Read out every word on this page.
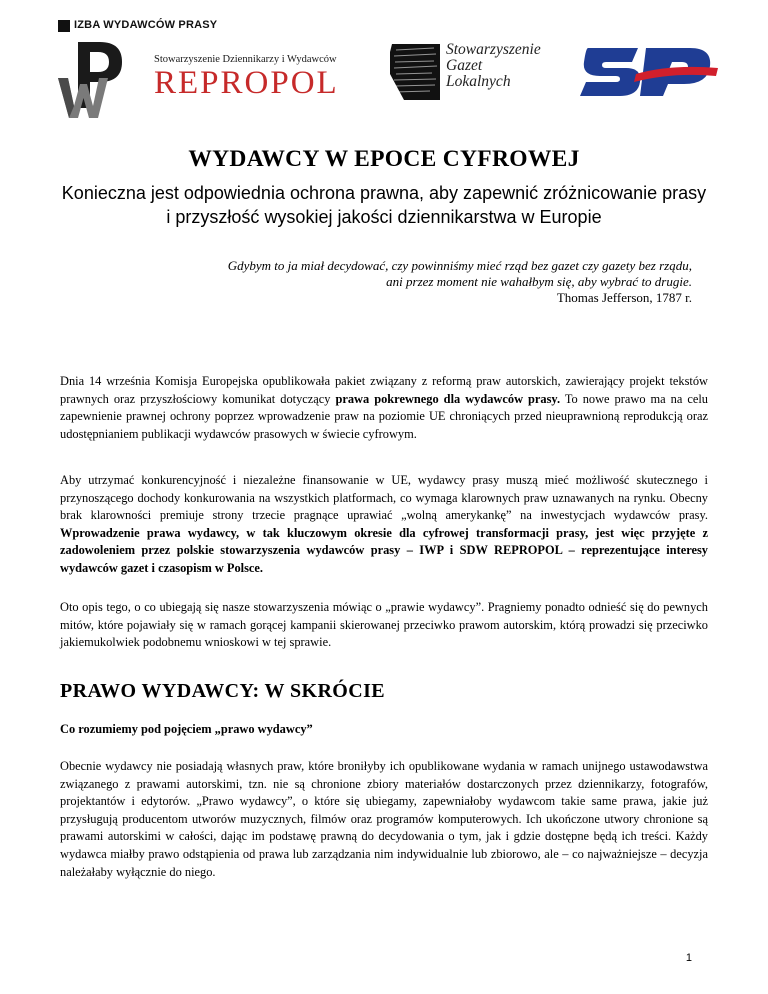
IZBA WYDAWCÓW PRASY
Stowarzyszenie Dziennikarzy i Wydawców
REPROPOL
Stowarzyszenie
Gazet
Lokalnych
WYDAWCY W EPOCE CYFROWEJ
Konieczna jest odpowiednia ochrona prawna, aby zapewnić zróżnicowanie prasy i przyszłość wysokiej jakości dziennikarstwa w Europie
Gdybym to ja miał decydować, czy powinniśmy mieć rząd bez gazet czy gazety bez rządu,
ani przez moment nie wahałbym się, aby wybrać to drugie.
Thomas Jefferson, 1787 r.
Dnia 14 września Komisja Europejska opublikowała pakiet związany z reformą praw autorskich, zawierający projekt tekstów prawnych oraz przyszłościowy komunikat dotyczący prawa pokrewnego dla wydawców prasy. To nowe prawo ma na celu zapewnienie prawnej ochrony poprzez wprowadzenie praw na poziomie UE chroniących przed nieuprawnioną reprodukcją oraz udostępnianiem publikacji wydawców prasowych w świecie cyfrowym.
Aby utrzymać konkurencyjność i niezależne finansowanie w UE, wydawcy prasy muszą mieć możliwość skutecznego i przynoszącego dochody konkurowania na wszystkich platformach, co wymaga klarownych praw uznawanych na rynku. Obecny brak klarowności premiuje strony trzecie pragnące uprawiać „wolną amerykankę” na inwestycjach wydawców prasy. Wprowadzenie prawa wydawcy, w tak kluczowym okresie dla cyfrowej transformacji prasy, jest więc przyjęte z zadowoleniem przez polskie stowarzyszenia wydawców prasy – IWP i SDW REPROPOL – reprezentujące interesy wydawców gazet i czasopism w Polsce.
Oto opis tego, o co ubiegają się nasze stowarzyszenia mówiąc o „prawie wydawcy”. Pragniemy ponadto odnieść się do pewnych mitów, które pojawiały się w ramach gorącej kampanii skierowanej przeciwko prawom autorskim, którą prowadzi się przeciwko jakiemukolwiek podobnemu wnioskowi w tej sprawie.
PRAWO WYDAWCY: W SKRÓCIE
Co rozumiemy pod pojęciem „prawo wydawcy”
Obecnie wydawcy nie posiadają własnych praw, które broniłyby ich opublikowane wydania w ramach unijnego ustawodawstwa związanego z prawami autorskimi, tzn. nie są chronione zbiory materiałów dostarczonych przez dziennikarzy, fotografów, projektantów i edytorów. „Prawo wydawcy”, o które się ubiegamy, zapewniałoby wydawcom takie same prawa, jakie już przysługują producentom utworów muzycznych, filmów oraz programów komputerowych. Ich ukończone utwory chronione są prawami autorskimi w całości, dając im podstawę prawną do decydowania o tym, jak i gdzie dostępne będą ich treści. Każdy wydawca miałby prawo odstąpienia od prawa lub zarządzania nim indywidualnie lub zbiorowo, ale – co najważniejsze – decyzja należałaby wyłącznie do niego.
1
